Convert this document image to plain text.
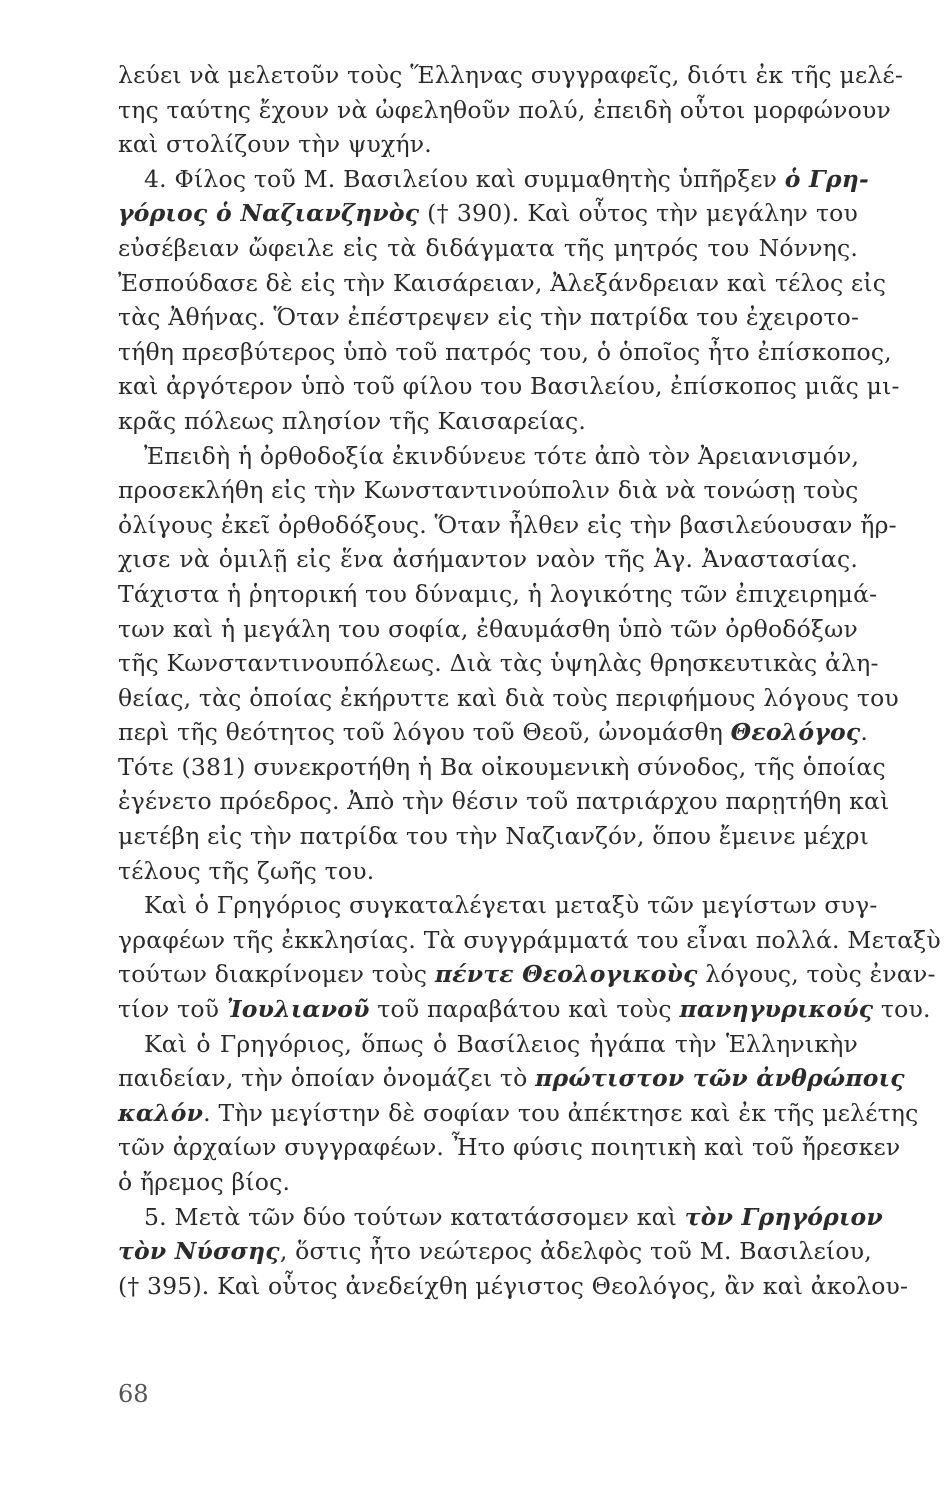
λεύει νὰ μελετοῦν τοὺς Ἕλληνας συγγραφεῖς, διότι ἐκ τῆς μελέ-
της ταύτης ἔχουν νὰ ὠφεληθοῦν πολύ, ἐπειδὴ οὗτοι μορφώνουν
καὶ στολίζουν τὴν ψυχήν.
4. Φίλος τοῦ Μ. Βασιλείου καὶ συμμαθητὴς ὑπῆρξεν ὁ Γρη-
γόριος ὁ Ναζιανζηνὸς († 390). Καὶ οὗτος τὴν μεγάλην του
εὐσέβειαν ὤφειλε εἰς τὰ διδάγματα τῆς μητρός του Νόννης.
Ἐσπούδασε δὲ εἰς τὴν Καισάρειαν, Ἀλεξάνδρειαν καὶ τέλος εἰς
τὰς Ἀθήνας. Ὅταν ἐπέστρεψεν εἰς τὴν πατρίδα του ἐχειροτο-
τήθη πρεσβύτερος ὑπὸ τοῦ πατρός του, ὁ ὁποῖος ἦτο ἐπίσκοπος,
καὶ ἀργότερον ὑπὸ τοῦ φίλου του Βασιλείου, ἐπίσκοπος μιᾶς μι-
κρᾶς πόλεως πλησίον τῆς Καισαρείας.
Ἐπειδὴ ἡ ὀρθοδοξία ἐκινδύνευε τότε ἀπὸ τὸν Ἀρειανισμόν,
προσεκλήθη εἰς τὴν Κωνσταντινούπολιν διὰ νὰ τονώσῃ τοὺς
ὀλίγους ἐκεῖ ὀρθοδόξους. Ὅταν ἦλθεν εἰς τὴν βασιλεύουσαν ἤρ-
χισε νὰ ὁμιλῇ εἰς ἕνα ἀσήμαντον ναὸν τῆς Ἁγ. Ἀναστασίας.
Τάχιστα ἡ ῥητορική του δύναμις, ἡ λογικότης τῶν ἐπιχειρημά-
των καὶ ἡ μεγάλη του σοφία, ἐθαυμάσθη ὑπὸ τῶν ὀρθοδόξων
τῆς Κωνσταντινουπόλεως. Διὰ τὰς ὑψηλὰς θρησκευτικὰς ἀλη-
θείας, τὰς ὁποίας ἐκήρυττε καὶ διὰ τοὺς περιφήμους λόγους του
περὶ τῆς θεότητος τοῦ λόγου τοῦ Θεοῦ, ὠνομάσθη Θεολόγος.
Τότε (381) συνεκροτήθη ἡ Βα οἰκουμενικὴ σύνοδος, τῆς ὁποίας
ἐγένετο πρόεδρος. Ἀπὸ τὴν θέσιν τοῦ πατριάρχου παρῃτήθη καὶ
μετέβη εἰς τὴν πατρίδα του τὴν Ναζιανζόν, ὅπου ἔμεινε μέχρι
τέλους τῆς ζωῆς του.
Καὶ ὁ Γρηγόριος συγκαταλέγεται μεταξὺ τῶν μεγίστων συγ-
γραφέων τῆς ἐκκλησίας. Τὰ συγγράμματά του εἶναι πολλά. Μεταξὺ
τούτων διακρίνομεν τοὺς πέντε Θεολογικοὺς λόγους, τοὺς ἐναν-
τίον τοῦ Ἰουλιανοῦ τοῦ παραβάτου καὶ τοὺς πανηγυρικούς του.
Καὶ ὁ Γρηγόριος, ὅπως ὁ Βασίλειος ἠγάπα τὴν Ἑλληνικὴν
παιδείαν, τὴν ὁποίαν ὀνομάζει τὸ πρώτιστον τῶν ἀνθρώποις
καλόν. Τὴν μεγίστην δὲ σοφίαν του ἀπέκτησε καὶ ἐκ τῆς μελέτης
τῶν ἀρχαίων συγγραφέων. Ἦτο φύσις ποιητικὴ καὶ τοῦ ἤρεσκεν
ὁ ἤρεμος βίος.
5. Μετὰ τῶν δύο τούτων κατατάσσομεν καὶ τὸν Γρηγόριον
τὸν Νύσσης, ὅστις ἦτο νεώτερος ἀδελφὸς τοῦ Μ. Βασιλείου,
(† 395). Καὶ οὗτος ἀνεδείχθη μέγιστος Θεολόγος, ἂν καὶ ἀκολου-
68
